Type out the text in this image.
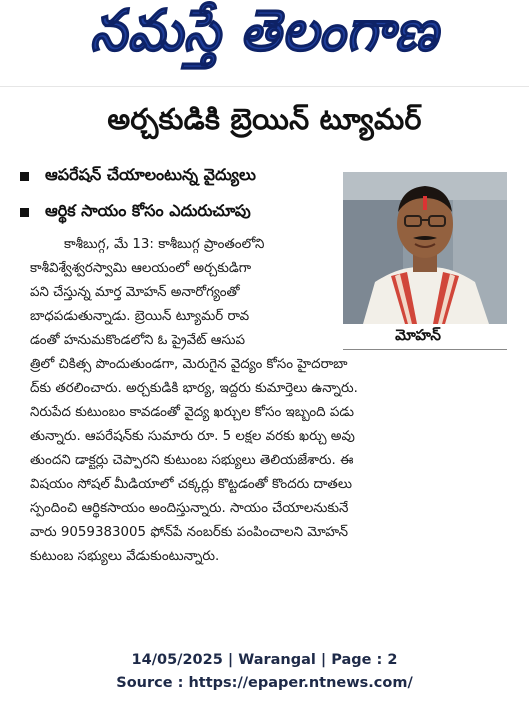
నమస్తే తెలంగాణ
అర్చకుడికి బ్రెయిన్ ట్యూమర్
ఆపరేషన్ చేయాలంటున్న వైద్యులు
ఆర్థిక సాయం కోసం ఎదురుచూపు
మోహన్
కాశీబుగ్గ, మే 13: కాశీబుగ్గ ప్రాంతంలోని
కాశీవిశ్వేశ్వరస్వామి ఆలయంలో అర్చకుడిగా
పని చేస్తున్న మార్త మోహన్ అనారోగ్యంతో
బాధపడుతున్నాడు. బ్రెయిన్ ట్యూమర్ రావ
డంతో హనుమకొండలోని ఓ ప్రైవేట్ ఆసుప
త్రిలో చికిత్స పొందుతుండగా, మెరుగైన వైద్యం కోసం హైదరాబా
ద్‌కు తరలించారు. అర్చకుడికి భార్య, ఇద్దరు కుమార్తెలు ఉన్నారు.
నిరుపేద కుటుంబం కావడంతో వైద్య ఖర్చుల కోసం ఇబ్బంది పడు
తున్నారు. ఆపరేషన్‌కు సుమారు రూ. 5 లక్షల వరకు ఖర్చు అవు
తుందని డాక్టర్లు చెప్పారని కుటుంబ సభ్యులు తెలియజేశారు. ఈ
విషయం సోషల్ మీడియాలో చక్కర్లు కొట్టడంతో కొందరు దాతలు
స్పందించి ఆర్థికసాయం అందిస్తున్నారు. సాయం చేయాలనుకునే
వారు 9059383005 ఫోన్‌పే నంబర్‌కు పంపించాలని మోహన్
కుటుంబ సభ్యులు వేడుకుంటున్నారు.
14/05/2025 | Warangal | Page : 2
Source : https://epaper.ntnews.com/
